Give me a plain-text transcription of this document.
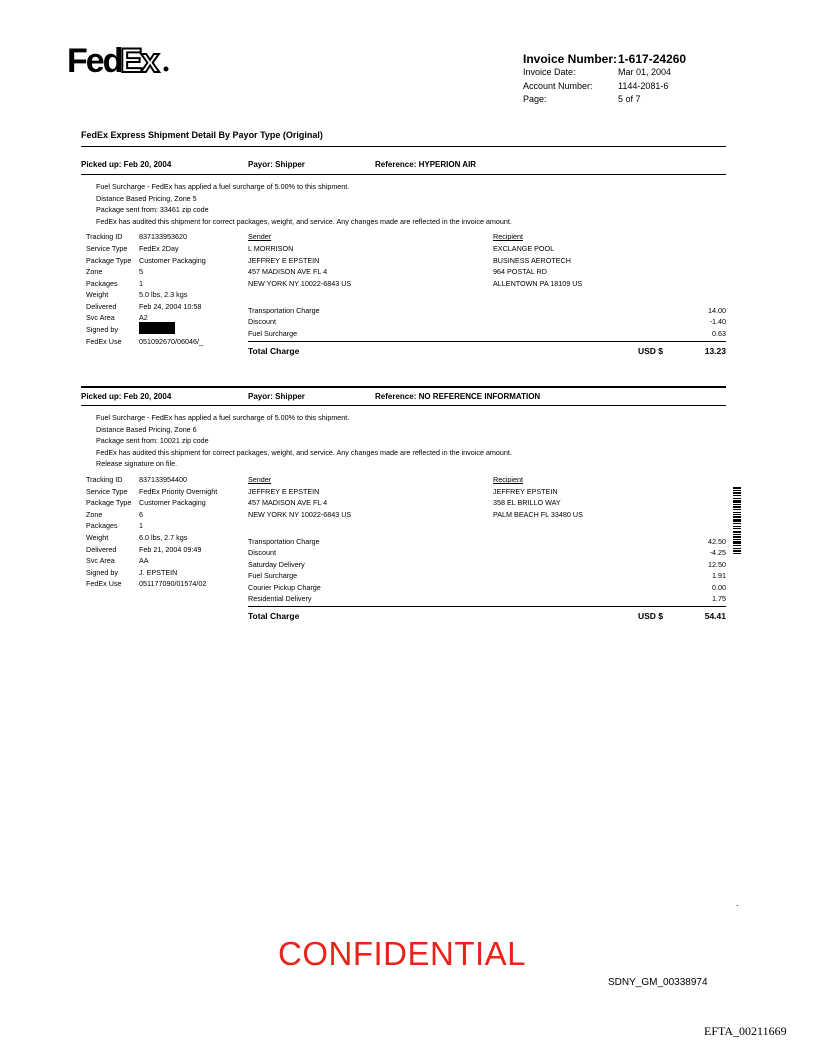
Fed
Ex	Invoice Number: 1-617-24260
Invoice Date:	Mar 01, 2004
Account Number:	1144-2081-6
Page:	5 of 7
FedEx Express Shipment Detail By Payor Type (Original)
Picked up: Feb 20, 2004	Payor: Shipper	Reference: HYPERION AIR
Fuel Surcharge - FedEx has applied a fuel surcharge of 5.00% to this shipment.
Distance Based Pricing, Zone 5
Package sent from: 33461 zip code
FedEx has audited this shipment for correct packages, weight, and service. Any changes made are reflected in the invoice amount.
Tracking ID 837133953620
Service Type FedEx 2Day
Package Type Customer Packaging
Zone	5
Packages	1
Weight	5.0 lbs, 2.3 kgs
Delivered	Feb 24, 2004 10:58
Svc Area	A2
Signed by
FedEx Use 051092670/06046/_
Sender
L MORRISON
JEFFREY E EPSTEIN
457 MADISON AVE FL 4
NEW YORK NY 10022-6843 US
Recipient
EXCLANGE POOL
BUSINESS AEROTECH
964 POSTAL RD
ALLENTOWN PA 18109 US
Transportation Charge	14.00
Discount	-1.40
Fuel Surcharge	0.63
Total Charge	USD $	13.23
Picked up: Feb 20, 2004	Payor: Shipper	Reference: NO REFERENCE INFORMATION
Fuel Surcharge - FedEx has applied a fuel surcharge of 5.00% to this shipment.
Distance Based Pricing, Zone 6
Package sent from: 10021 zip code
FedEx has audited this shipment for correct packages, weight, and service. Any changes made are reflected in the invoice amount.
Release signature on file.
Tracking ID 837133954400
Service Type FedEx Priority Overnight
Package Type Customer Packaging
Zone	6
Packages	1
Weight	6.0 lbs, 2.7 kgs
Delivered	Feb 21, 2004 09:49
Svc Area	AA
Signed by	J. EPSTEIN
FedEx Use 051177090/01574/02
Sender
JEFFREY E EPSTEIN
457 MADISON AVE FL 4
NEW YORK NY 10022-6843 US
Recipient
JEFFREY EPSTEIN
358 EL BRILLO WAY
PALM BEACH FL 33480 US
Transportation Charge	42.50
Discount	-4.25
Saturday Delivery	12.50
Fuel Surcharge	1.91
Courier Pickup Charge	0.00
Residential Delivery	1.75
Total Charge	USD $	54.41
.
CONFIDENTIAL
SDNY_GM_00338974
EFTA_00211669
